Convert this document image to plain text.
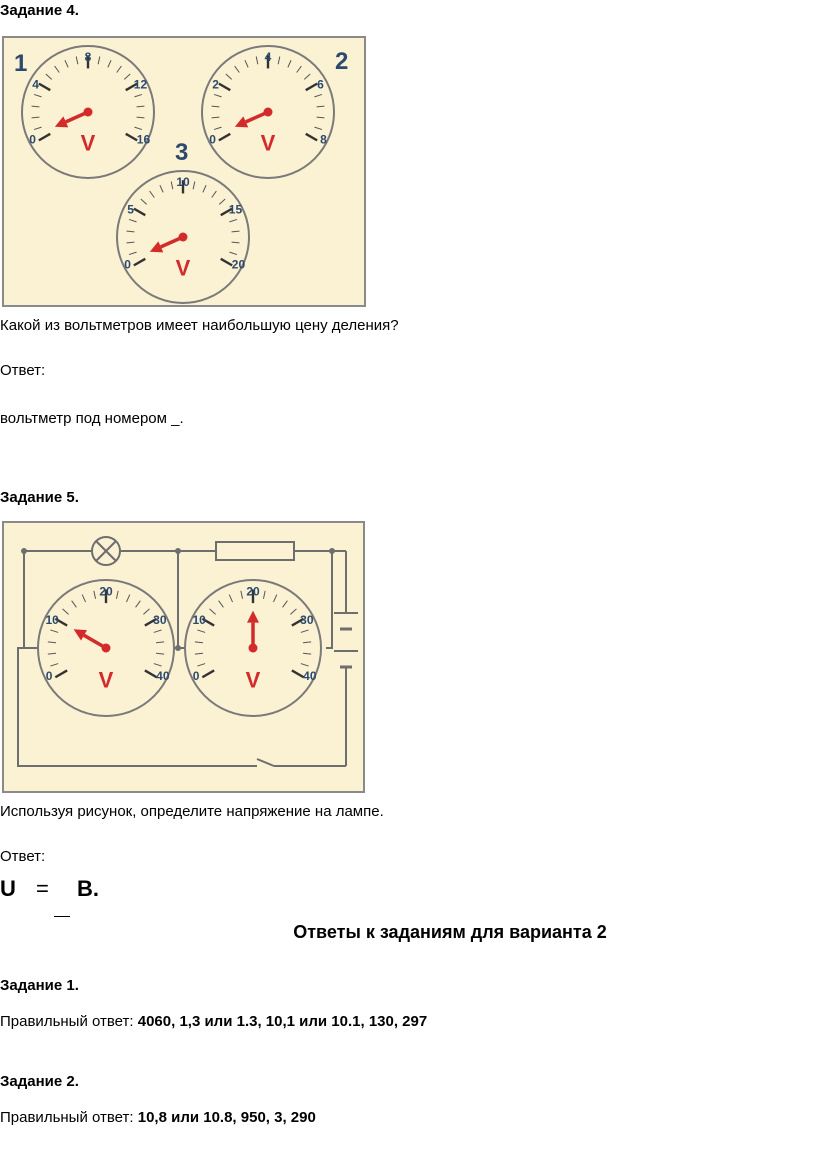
Задание 4.
1	2
3
0
4
8
12
16
V	0
2
4
6
8
V
0
5
10
15
20
V
Какой из вольтметров имеет наибольшую цену деления?
Ответ:
вольтметр под номером _.
Задание 5.
0
10
20
30
40
V	0
10
20
30
40
V
Используя рисунок, определите напряжение на лампе.
Ответ:
U = В.
Ответы к заданиям для варианта 2
Задание 1.
Правильный ответ: 4060, 1,3 или 1.3, 10,1 или 10.1, 130, 297
Задание 2.
Правильный ответ: 10,8 или 10.8, 950, 3, 290
